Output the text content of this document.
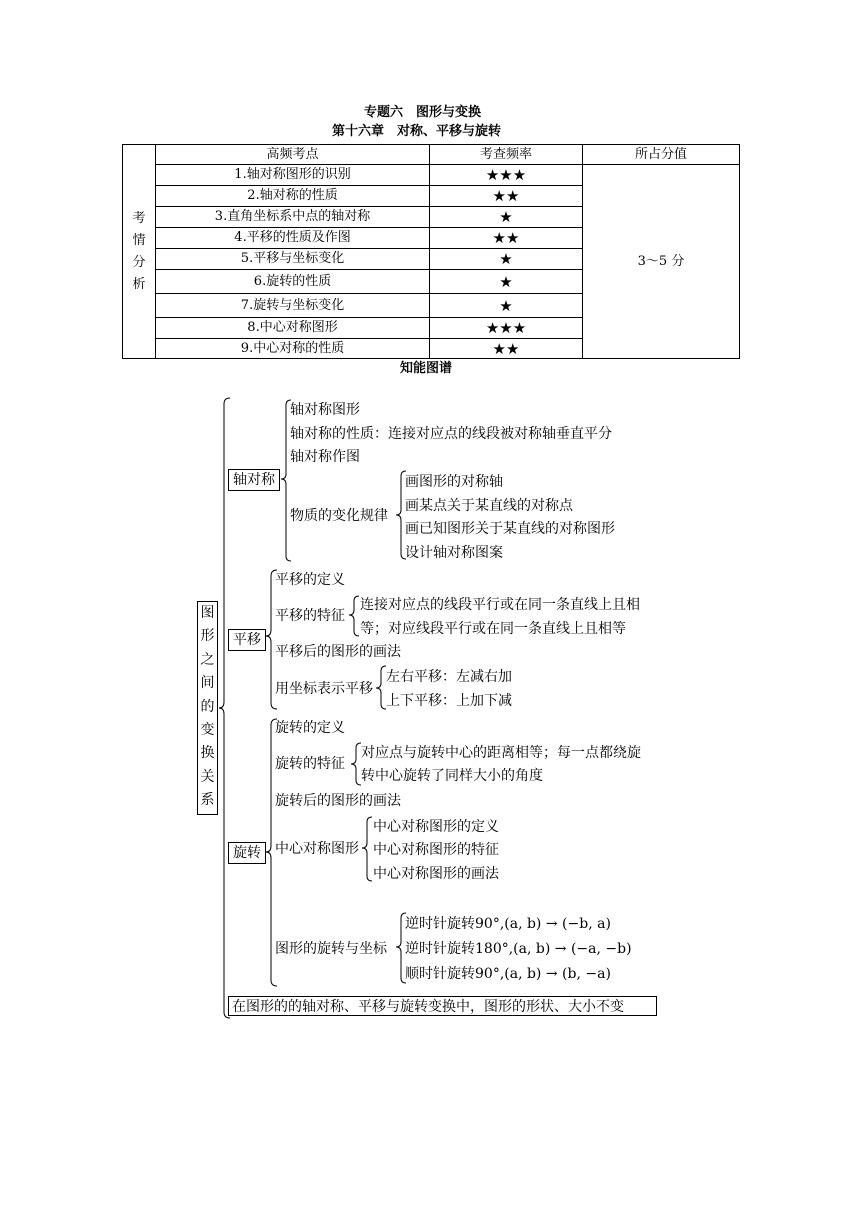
专题六　图形与变换
第十六章　对称、平移与旋转
考
情
分
析	高频考点	考查频率	所占分值
	1.轴对称图形的识别	★★★	3～5 分
	2.轴对称的性质	★★	
	3.直角坐标系中点的轴对称	★	
	4.平移的性质及作图	★★	
	5.平移与坐标变化	★	
	6.旋转的性质	★	
	7.旋转与坐标变化	★	
	8.中心对称图形	★★★	
	9.中心对称的性质	★★	
知能图谱
图
形
之
间
的
变
换
关
系
轴对称
轴对称图形
轴对称的性质：连接对应点的线段被对称轴垂直平分
轴对称作图
物质的变化规律
画图形的对称轴
画某点关于某直线的对称点
画已知图形关于某直线的对称图形
设计轴对称图案
平移
平移的定义
平移的特征
连接对应点的线段平行或在同一条直线上且相
等；对应线段平行或在同一条直线上且相等
平移后的图形的画法
用坐标表示平移
左右平移：左减右加
上下平移：上加下减
旋转
旋转的定义
旋转的特征
对应点与旋转中心的距离相等；每一点都绕旋
转中心旋转了同样大小的角度
旋转后的图形的画法
中心对称图形
中心对称图形的定义
中心对称图形的特征
中心对称图形的画法
图形的旋转与坐标
逆时针旋转90°,(a, b) → (−b, a)
逆时针旋转180°,(a, b) → (−a, −b)
顺时针旋转90°,(a, b) → (b, −a)
在图形的的轴对称、平移与旋转变换中，图形的形状、大小不变
